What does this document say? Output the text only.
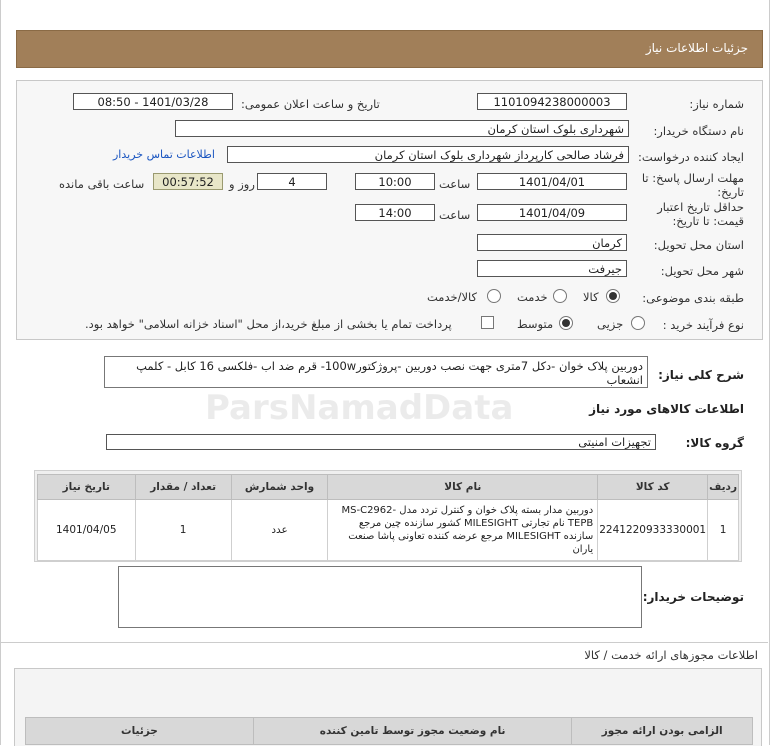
جزئیات اطلاعات نیاز
شماره نیاز:
1101094238000003
تاریخ و ساعت اعلان عمومی:
1401/03/28 - 08:50
نام دستگاه خریدار:
شهرداری بلوک استان کرمان
ایجاد کننده درخواست:
فرشاد صالحی کارپرداز شهرداری بلوک استان کرمان
اطلاعات تماس خریدار
مهلت ارسال پاسخ: تا
تاریخ:
1401/04/01
ساعت
10:00
4
روز و
00:57:52
ساعت باقی مانده
حداقل تاریخ اعتبار
قیمت: تا تاریخ:
1401/04/09
ساعت
14:00
استان محل تحویل:
کرمان
شهر محل تحویل:
جیرفت
طبقه بندی موضوعی:
کالا
خدمت
کالا/خدمت
نوع فرآیند خرید :
جزیی
متوسط
پرداخت تمام یا بخشی از مبلغ خرید،از محل "اسناد خزانه اسلامی" خواهد بود.
ParsNamadData
شرح کلی نیاز:
دوربین پلاک خوان -دکل 7متری جهت نصب دوربین -پروژکتور100w- قرم ضد اب -فلکسی 16 کابل - کلمپ انشعاب
اطلاعات کالاهای مورد نیاز
گروه کالا:
تجهیزات امنیتی
ردیف	کد کالا	نام کالا	واحد شمارش	تعداد / مقدار	تاریخ نیاز
1	2241220933330001	دوربین مدار بسته پلاک خوان و کنترل تردد مدل MS-C2962-TEPB نام تجارتی MILESIGHT کشور سازنده چین مرجع سازنده MILESIGHT مرجع عرضه کننده تعاونی پاشا صنعت یاران	عدد	1	1401/04/05
توضیحات خریدار:
اطلاعات مجوزهای ارائه خدمت / کالا
الزامی بودن ارائه مجوز	نام وضعیت مجوز توسط تامین کننده	جزئیات
